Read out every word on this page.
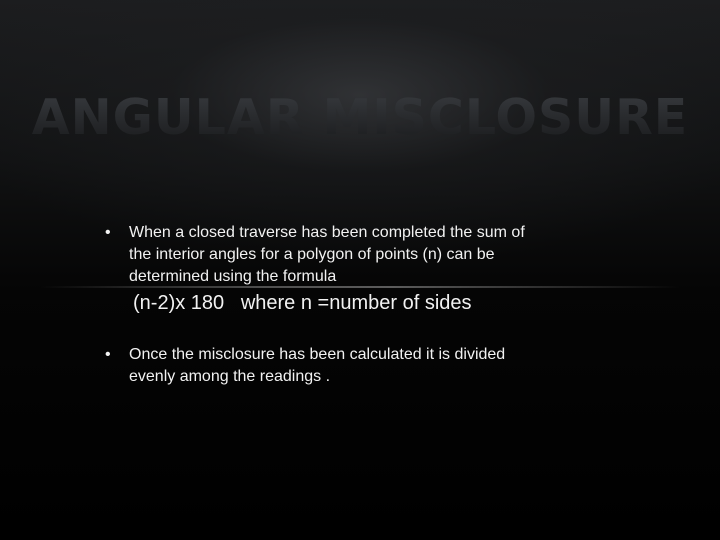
ANGULAR MISCLOSURE
• When a closed traverse has been completed the sum of
the interior angles for a polygon of points (n) can be
determined using the formula
(n-2)x 180   where n =number of sides
• Once the misclosure has been calculated it is divided
evenly among the readings .
